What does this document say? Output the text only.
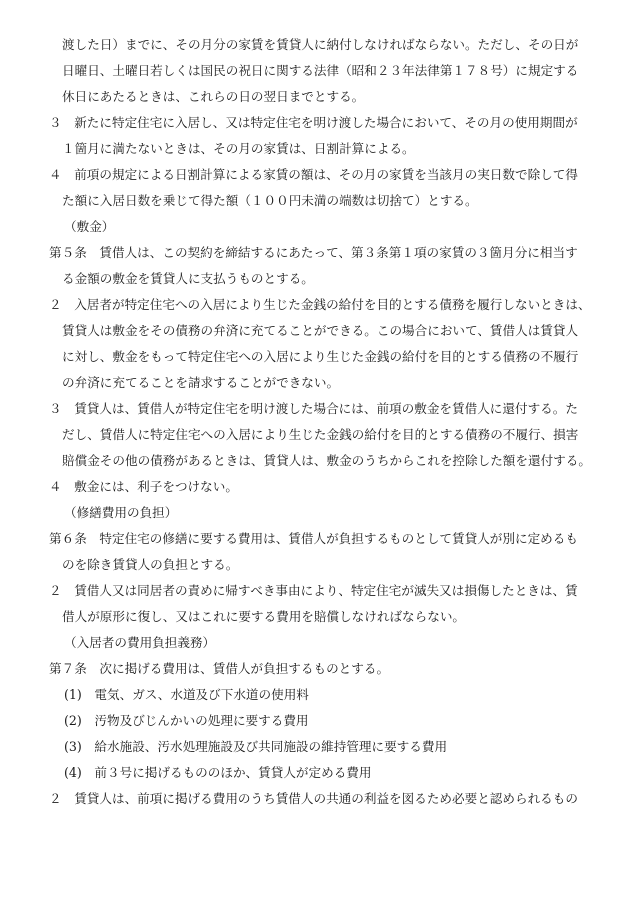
渡した日）までに、その月分の家賃を賃貸人に納付しなければならない。ただし、その日が
日曜日、土曜日若しくは国民の祝日に関する法律（昭和２３年法律第１７８号）に規定する
休日にあたるときは、これらの日の翌日までとする。
３　新たに特定住宅に入居し、又は特定住宅を明け渡した場合において、その月の使用期間が
１箇月に満たないときは、その月の家賃は、日割計算による。
４　前項の規定による日割計算による家賃の額は、その月の家賃を当該月の実日数で除して得
た額に入居日数を乗じて得た額（１００円未満の端数は切捨て）とする。
（敷金）
第５条　賃借人は、この契約を締結するにあたって、第３条第１項の家賃の３箇月分に相当す
る金額の敷金を賃貸人に支払うものとする。
２　入居者が特定住宅への入居により生じた金銭の給付を目的とする債務を履行しないときは、
賃貸人は敷金をその債務の弁済に充てることができる。この場合において、賃借人は賃貸人
に対し、敷金をもって特定住宅への入居により生じた金銭の給付を目的とする債務の不履行
の弁済に充てることを請求することができない。
３　賃貸人は、賃借人が特定住宅を明け渡した場合には、前項の敷金を賃借人に還付する。た
だし、賃借人に特定住宅への入居により生じた金銭の給付を目的とする債務の不履行、損害
賠償金その他の債務があるときは、賃貸人は、敷金のうちからこれを控除した額を還付する。
４　敷金には、利子をつけない。
（修繕費用の負担）
第６条　特定住宅の修繕に要する費用は、賃借人が負担するものとして賃貸人が別に定めるも
のを除き賃貸人の負担とする。
２　賃借人又は同居者の責めに帰すべき事由により、特定住宅が滅失又は損傷したときは、賃
借人が原形に復し、又はこれに要する費用を賠償しなければならない。
（入居者の費用負担義務）
第７条　次に掲げる費用は、賃借人が負担するものとする。
(1)　電気、ガス、水道及び下水道の使用料
(2)　汚物及びじんかいの処理に要する費用
(3)　給水施設、汚水処理施設及び共同施設の維持管理に要する費用
(4)　前３号に掲げるもののほか、賃貸人が定める費用
２　賃貸人は、前項に掲げる費用のうち賃借人の共通の利益を図るため必要と認められるもの
